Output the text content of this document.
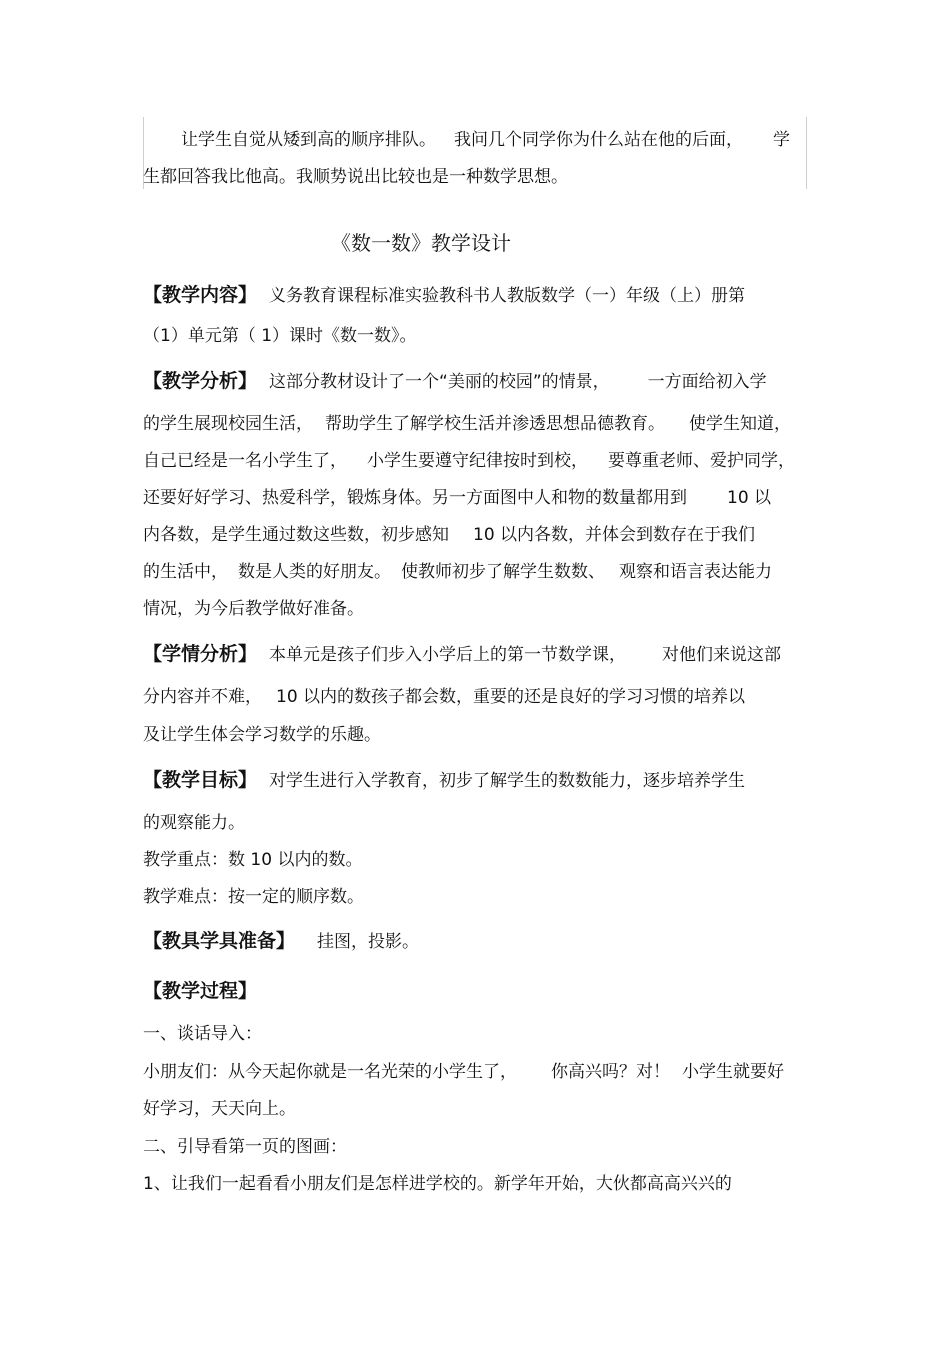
让学生自觉从矮到高的顺序排队。 我问几个同学你为什么站在他的后面， 学
生都回答我比他高。我顺势说出比较也是一种数学思想。
《数一数》教学设计
【教学内容】 义务教育课程标准实验教科书人教版数学（一）年级（上）册第
（1）单元第（ 1）课时《数一数》。
【教学分析】 这部分教材设计了一个“美丽的校园”的情景， 一方面给初入学
的学生展现校园生活， 帮助学生了解学校生活并渗透思想品德教育。 使学生知道，
自己已经是一名小学生了， 小学生要遵守纪律按时到校， 要尊重老师、爱护同学，
还要好好学习、热爱科学，锻炼身体。另一方面图中人和物的数量都用到 10 以
内各数，是学生通过数这些数，初步感知 10 以内各数，并体会到数存在于我们
的生活中， 数是人类的好朋友。 使教师初步了解学生数数、 观察和语言表达能力
情况，为今后教学做好准备。
【学情分析】 本单元是孩子们步入小学后上的第一节数学课， 对他们来说这部
分内容并不难， 10 以内的数孩子都会数，重要的还是良好的学习习惯的培养以
及让学生体会学习数学的乐趣。
【教学目标】 对学生进行入学教育，初步了解学生的数数能力，逐步培养学生
的观察能力。
教学重点：数 10 以内的数。
教学难点：按一定的顺序数。
【教具学具准备】 挂图，投影。
【教学过程】
一、谈话导入：
小朋友们：从今天起你就是一名光荣的小学生了， 你高兴吗？对！ 小学生就要好
好学习，天天向上。
二、引导看第一页的图画：
1、让我们一起看看小朋友们是怎样进学校的。新学年开始，大伙都高高兴兴的
